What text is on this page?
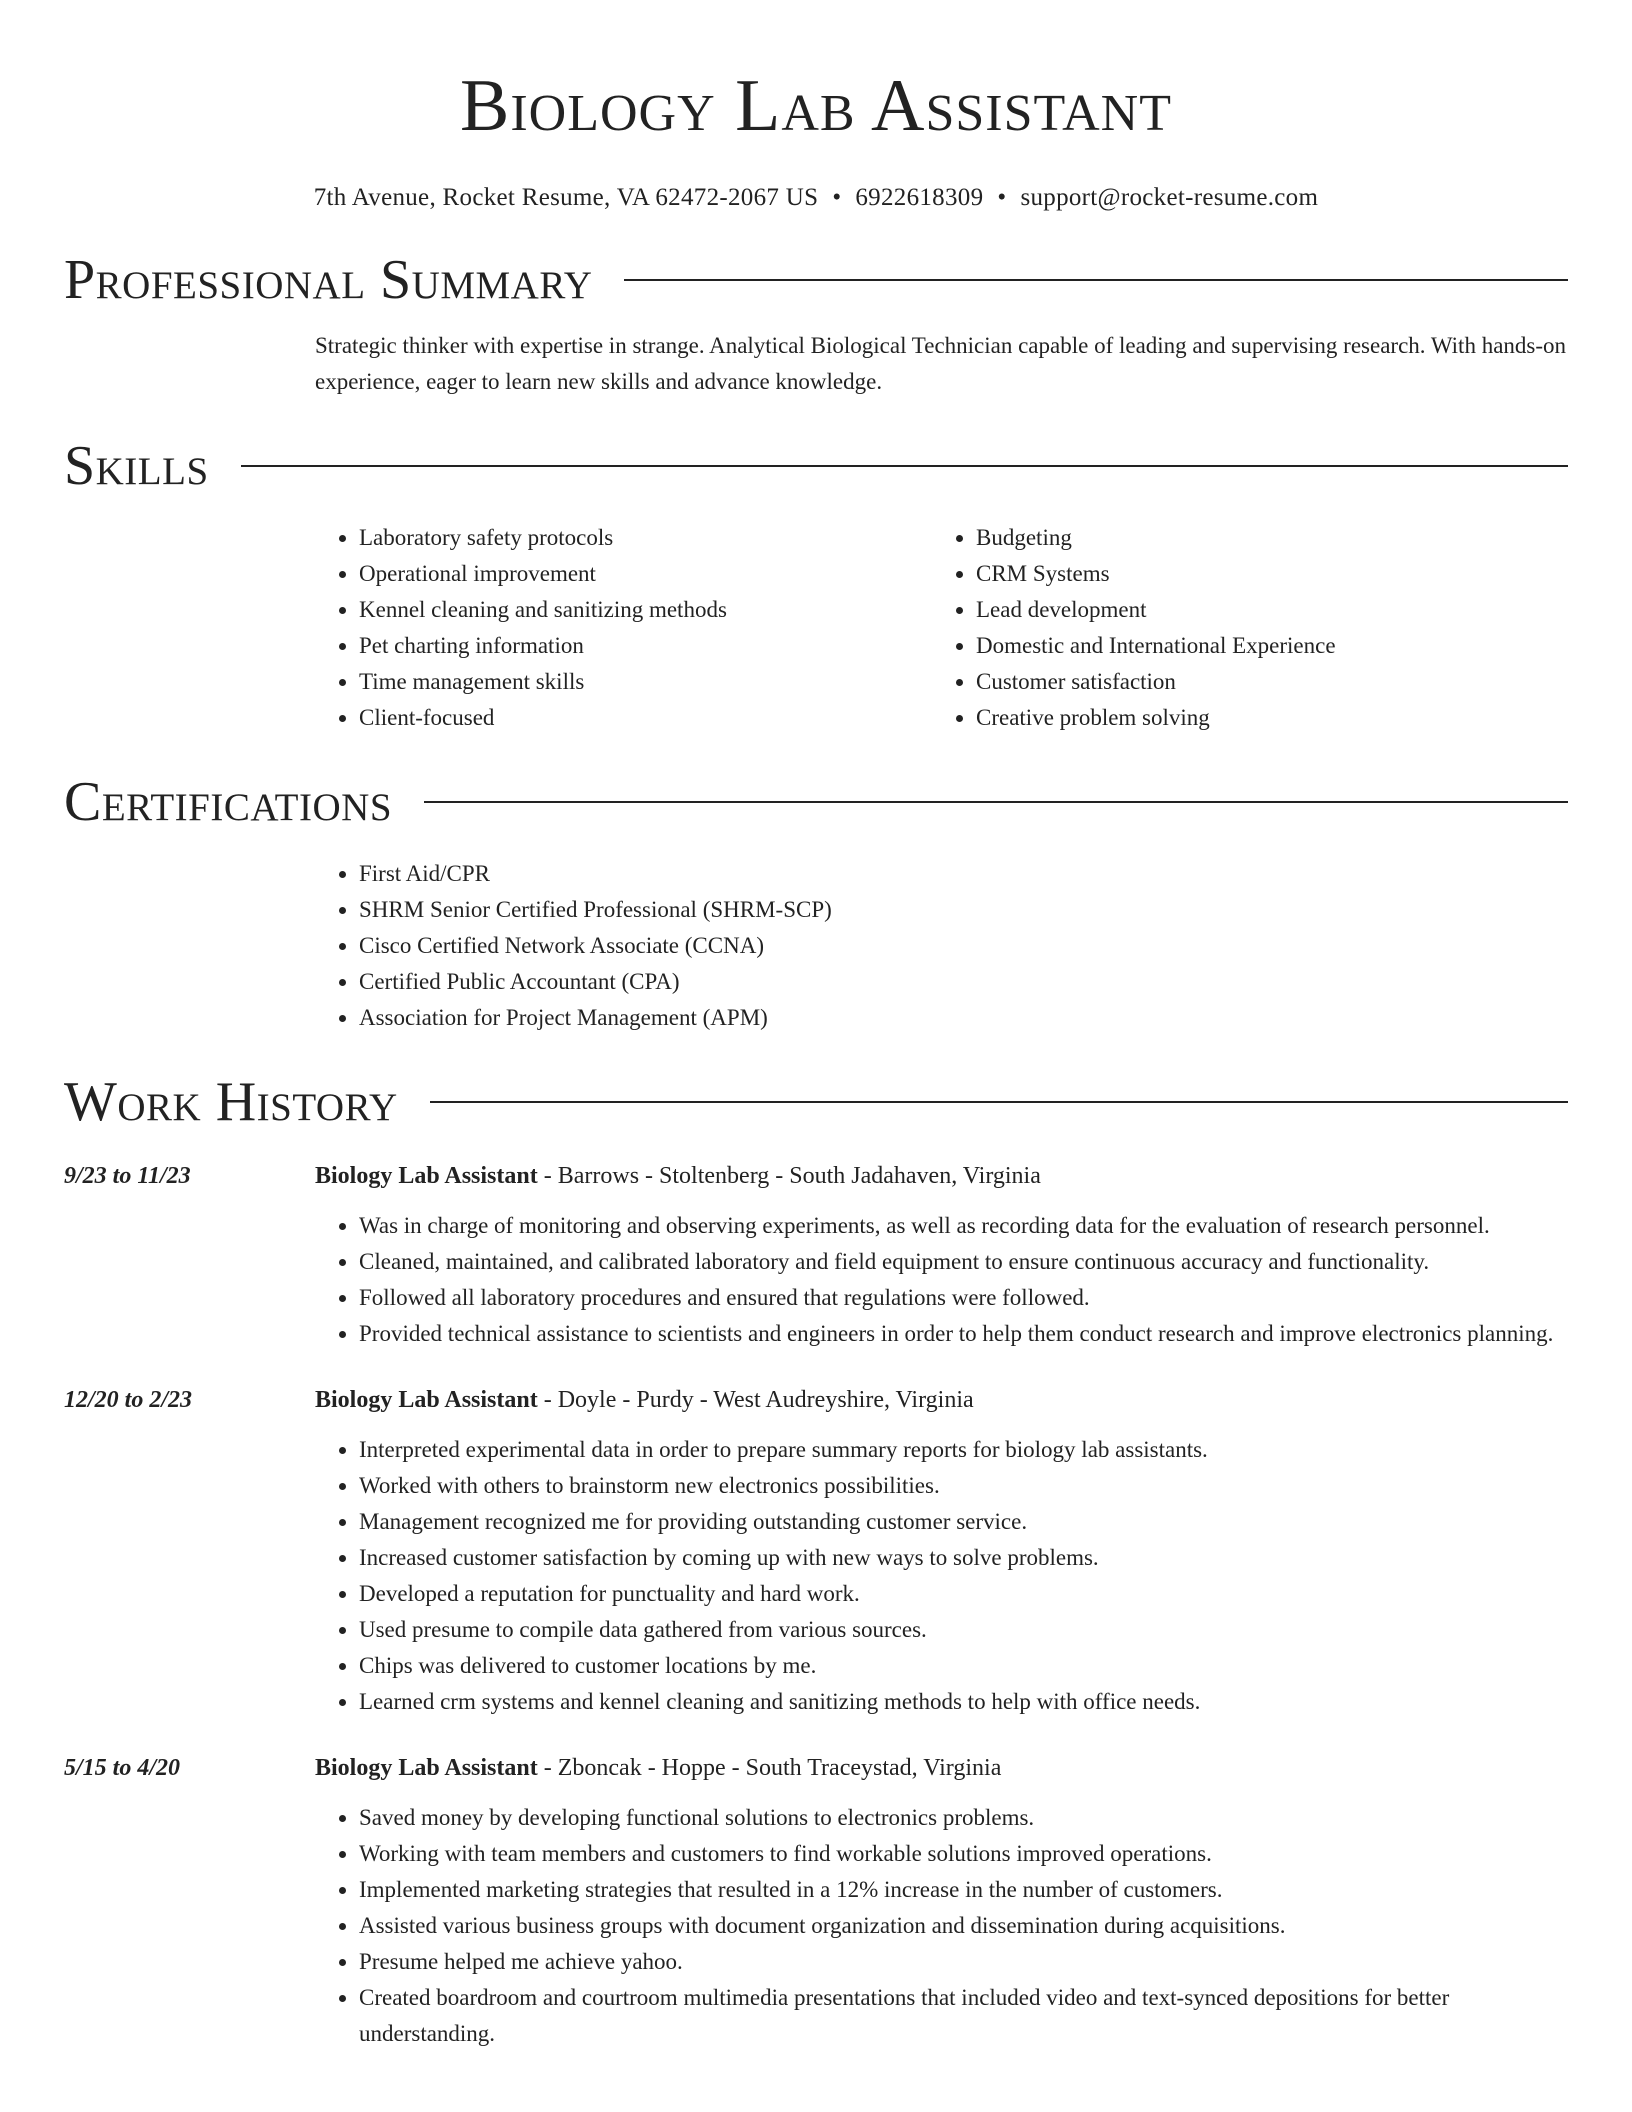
Biology Lab Assistant
7th Avenue, Rocket Resume, VA 62472-2067 US • 6922618309 • support@rocket-resume.com
Professional Summary

Strategic thinker with expertise in strange. Analytical Biological Technician capable of leading and supervising research. With hands-on experience, eager to learn new skills and advance knowledge.

Skills
• Laboratory safety protocols
• Operational improvement
• Kennel cleaning and sanitizing methods
• Pet charting information
• Time management skills
• Client-focused
• Budgeting
• CRM Systems
• Lead development
• Domestic and International Experience
• Customer satisfaction
• Creative problem solving
Certifications
• First Aid/CPR
• SHRM Senior Certified Professional (SHRM-SCP)
• Cisco Certified Network Associate (CCNA)
• Certified Public Accountant (CPA)
• Association for Project Management (APM)
Work History
9/23 to 11/23	Biology Lab Assistant - Barrows - Stoltenberg - South Jadahaven, Virginia
• Was in charge of monitoring and observing experiments, as well as recording data for the evaluation of research personnel.
• Cleaned, maintained, and calibrated laboratory and field equipment to ensure continuous accuracy and functionality.
• Followed all laboratory procedures and ensured that regulations were followed.
• Provided technical assistance to scientists and engineers in order to help them conduct research and improve electronics planning.
12/20 to 2/23	Biology Lab Assistant - Doyle - Purdy - West Audreyshire, Virginia
• Interpreted experimental data in order to prepare summary reports for biology lab assistants.
• Worked with others to brainstorm new electronics possibilities.
• Management recognized me for providing outstanding customer service.
• Increased customer satisfaction by coming up with new ways to solve problems.
• Developed a reputation for punctuality and hard work.
• Used presume to compile data gathered from various sources.
• Chips was delivered to customer locations by me.
• Learned crm systems and kennel cleaning and sanitizing methods to help with office needs.
5/15 to 4/20	Biology Lab Assistant - Zboncak - Hoppe - South Traceystad, Virginia
• Saved money by developing functional solutions to electronics problems.
• Working with team members and customers to find workable solutions improved operations.
• Implemented marketing strategies that resulted in a 12% increase in the number of customers.
• Assisted various business groups with document organization and dissemination during acquisitions.
• Presume helped me achieve yahoo.
• Created boardroom and courtroom multimedia presentations that included video and text-synced depositions for better understanding.
